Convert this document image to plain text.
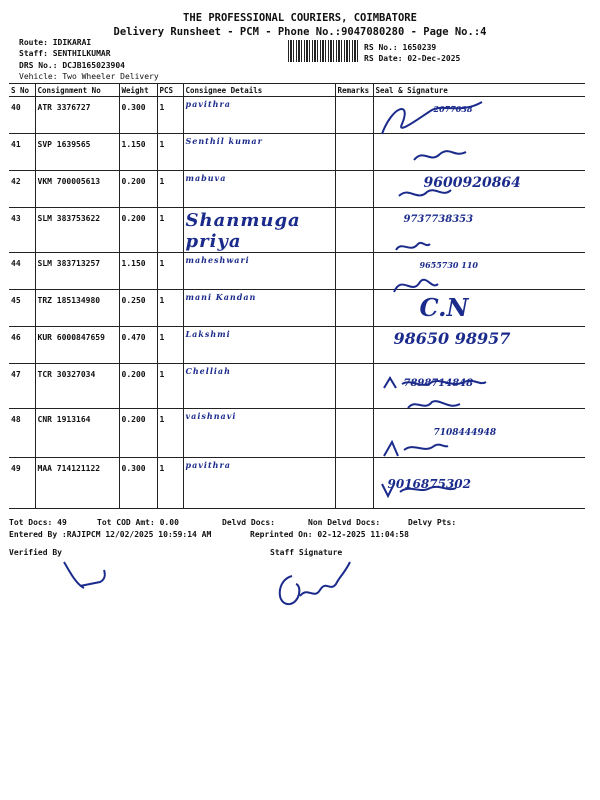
THE PROFESSIONAL COURIERS, COIMBATORE
Delivery Runsheet - PCM - Phone No.:9047080280 - Page No.:4
Route: IDIKARAI
Staff: SENTHILKUMAR
DRS No.: DCJB165023904
Vehicle: Two Wheeler Delivery
RS No.: 1650239
RS Date: 02-Dec-2025
S No	Consignment No	Weight	PCS	Consignee Details	Remarks	Seal & Signature
40	ATR 3376727	0.300	1	pavithra		2077038
41	SVP 1639565	1.150	1	Senthil kumar		
42	VKM 700005613	0.200	1	mabuva		9600920864
43	SLM 383753622	0.200	1	Shanmuga priya		9737738353
44	SLM 383713257	1.150	1	maheshwari		9655730 110
45	TRZ 185134980	0.250	1	mani Kandan		C.N
46	KUR 6000847659	0.470	1	Lakshmi		98650 98957
47	TCR 30327034	0.200	1	Chelliah		7898714848
48	CNR 1913164	0.200	1	vaishnavi		7108444948
49	MAA 714121122	0.300	1	pavithra		9016875302
Tot Docs: 49	Tot COD Amt: 0.00	Delvd Docs:	Non Delvd Docs:	Delvy Pts:
Entered By :RAJIPCM 12/02/2025 10:59:14 AM	Reprinted On: 02-12-2025 11:04:58
Verified By	Staff Signature
